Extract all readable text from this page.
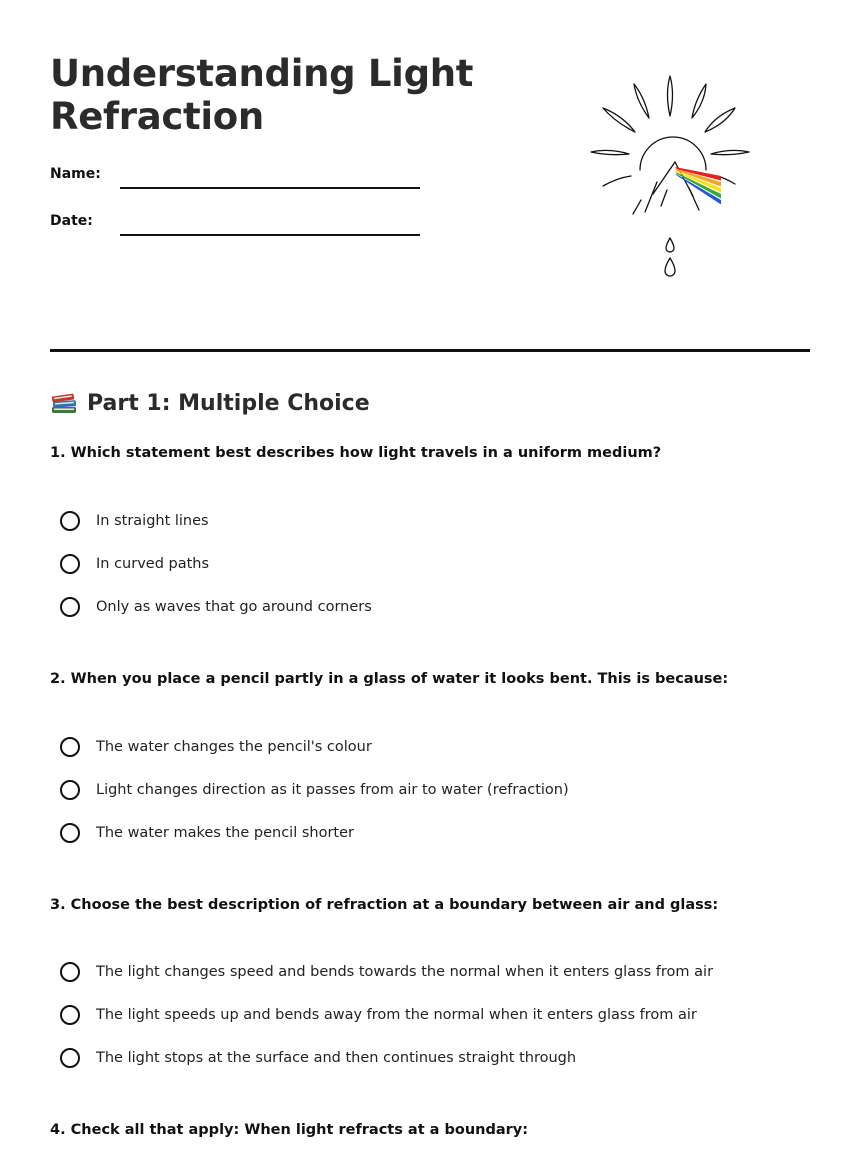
Understanding Light
Refraction
Name:
Date:
Part 1: Multiple Choice

1. Which statement best describes how light travels in a uniform medium?

In straight lines
In curved paths
Only as waves that go around corners

2. When you place a pencil partly in a glass of water it looks bent. This is because:

The water changes the pencil's colour
Light changes direction as it passes from air to water (refraction)
The water makes the pencil shorter

3. Choose the best description of refraction at a boundary between air and glass:

The light changes speed and bends towards the normal when it enters glass from air
The light speeds up and bends away from the normal when it enters glass from air
The light stops at the surface and then continues straight through

4. Check all that apply: When light refracts at a boundary:
